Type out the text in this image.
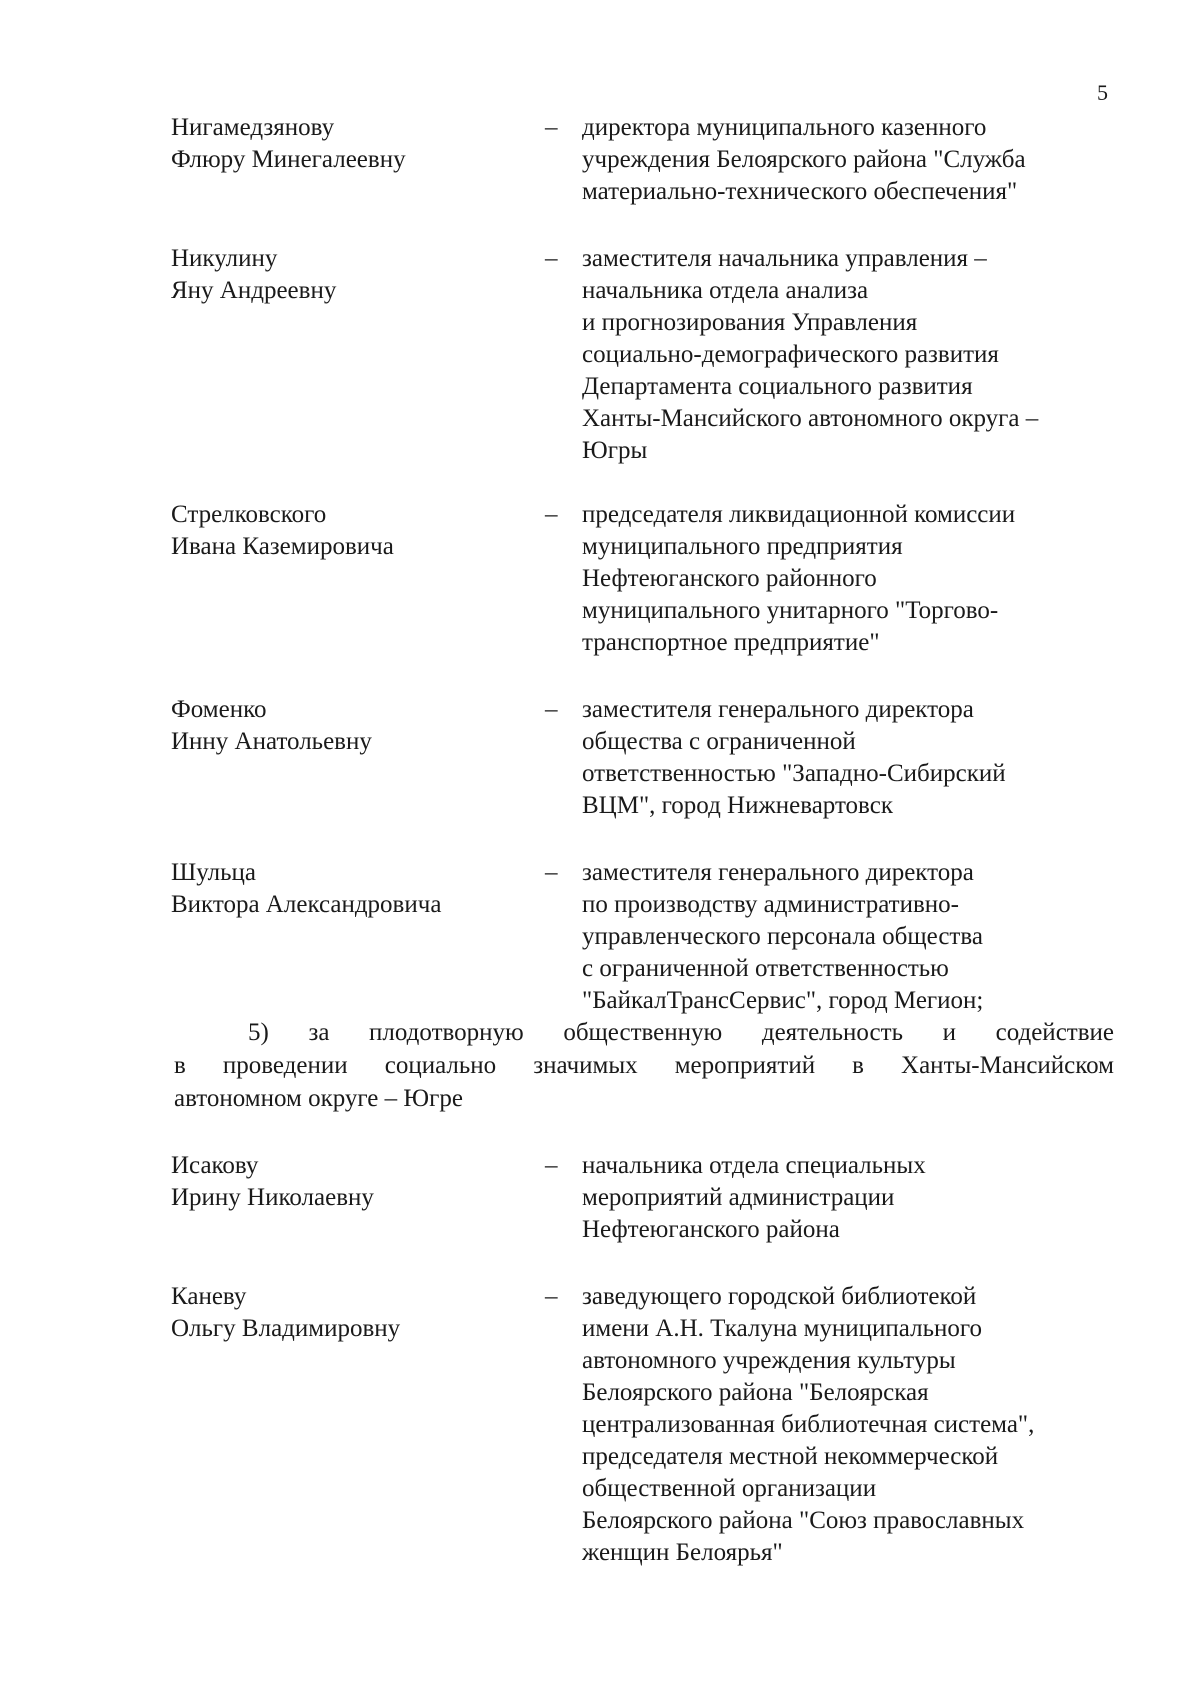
5
Нигамедзянову
Флюру Минегалеевну
– директора муниципального казенного
учреждения Белоярского района "Служба
материально-технического обеспечения"
Никулину
Яну Андреевну
– заместителя начальника управления –
начальника отдела анализа
и прогнозирования Управления
социально-демографического развития
Департамента социального развития
Ханты-Мансийского автономного округа –
Югры
Стрелковского
Ивана Каземировича
– председателя ликвидационной комиссии
муниципального предприятия
Нефтеюганского районного
муниципального унитарного "Торгово-
транспортное предприятие"
Фоменко
Инну Анатольевну
– заместителя генерального директора
общества с ограниченной
ответственностью "Западно-Сибирский
ВЦМ", город Нижневартовск
Шульца
Виктора Александровича
– заместителя генерального директора
по производству административно-
управленческого персонала общества
с ограниченной ответственностью
"БайкалТрансСервис", город Мегион;
5) за плодотворную общественную деятельность и содействие
в проведении социально значимых мероприятий в Ханты-Мансийском
автономном округе – Югре
Исакову
Ирину Николаевну
– начальника отдела специальных
мероприятий администрации
Нефтеюганского района
Каневу
Ольгу Владимировну
– заведующего городской библиотекой
имени А.Н. Ткалуна муниципального
автономного учреждения культуры
Белоярского района "Белоярская
централизованная библиотечная система",
председателя местной некоммерческой
общественной организации
Белоярского района "Союз православных
женщин Белоярья"
